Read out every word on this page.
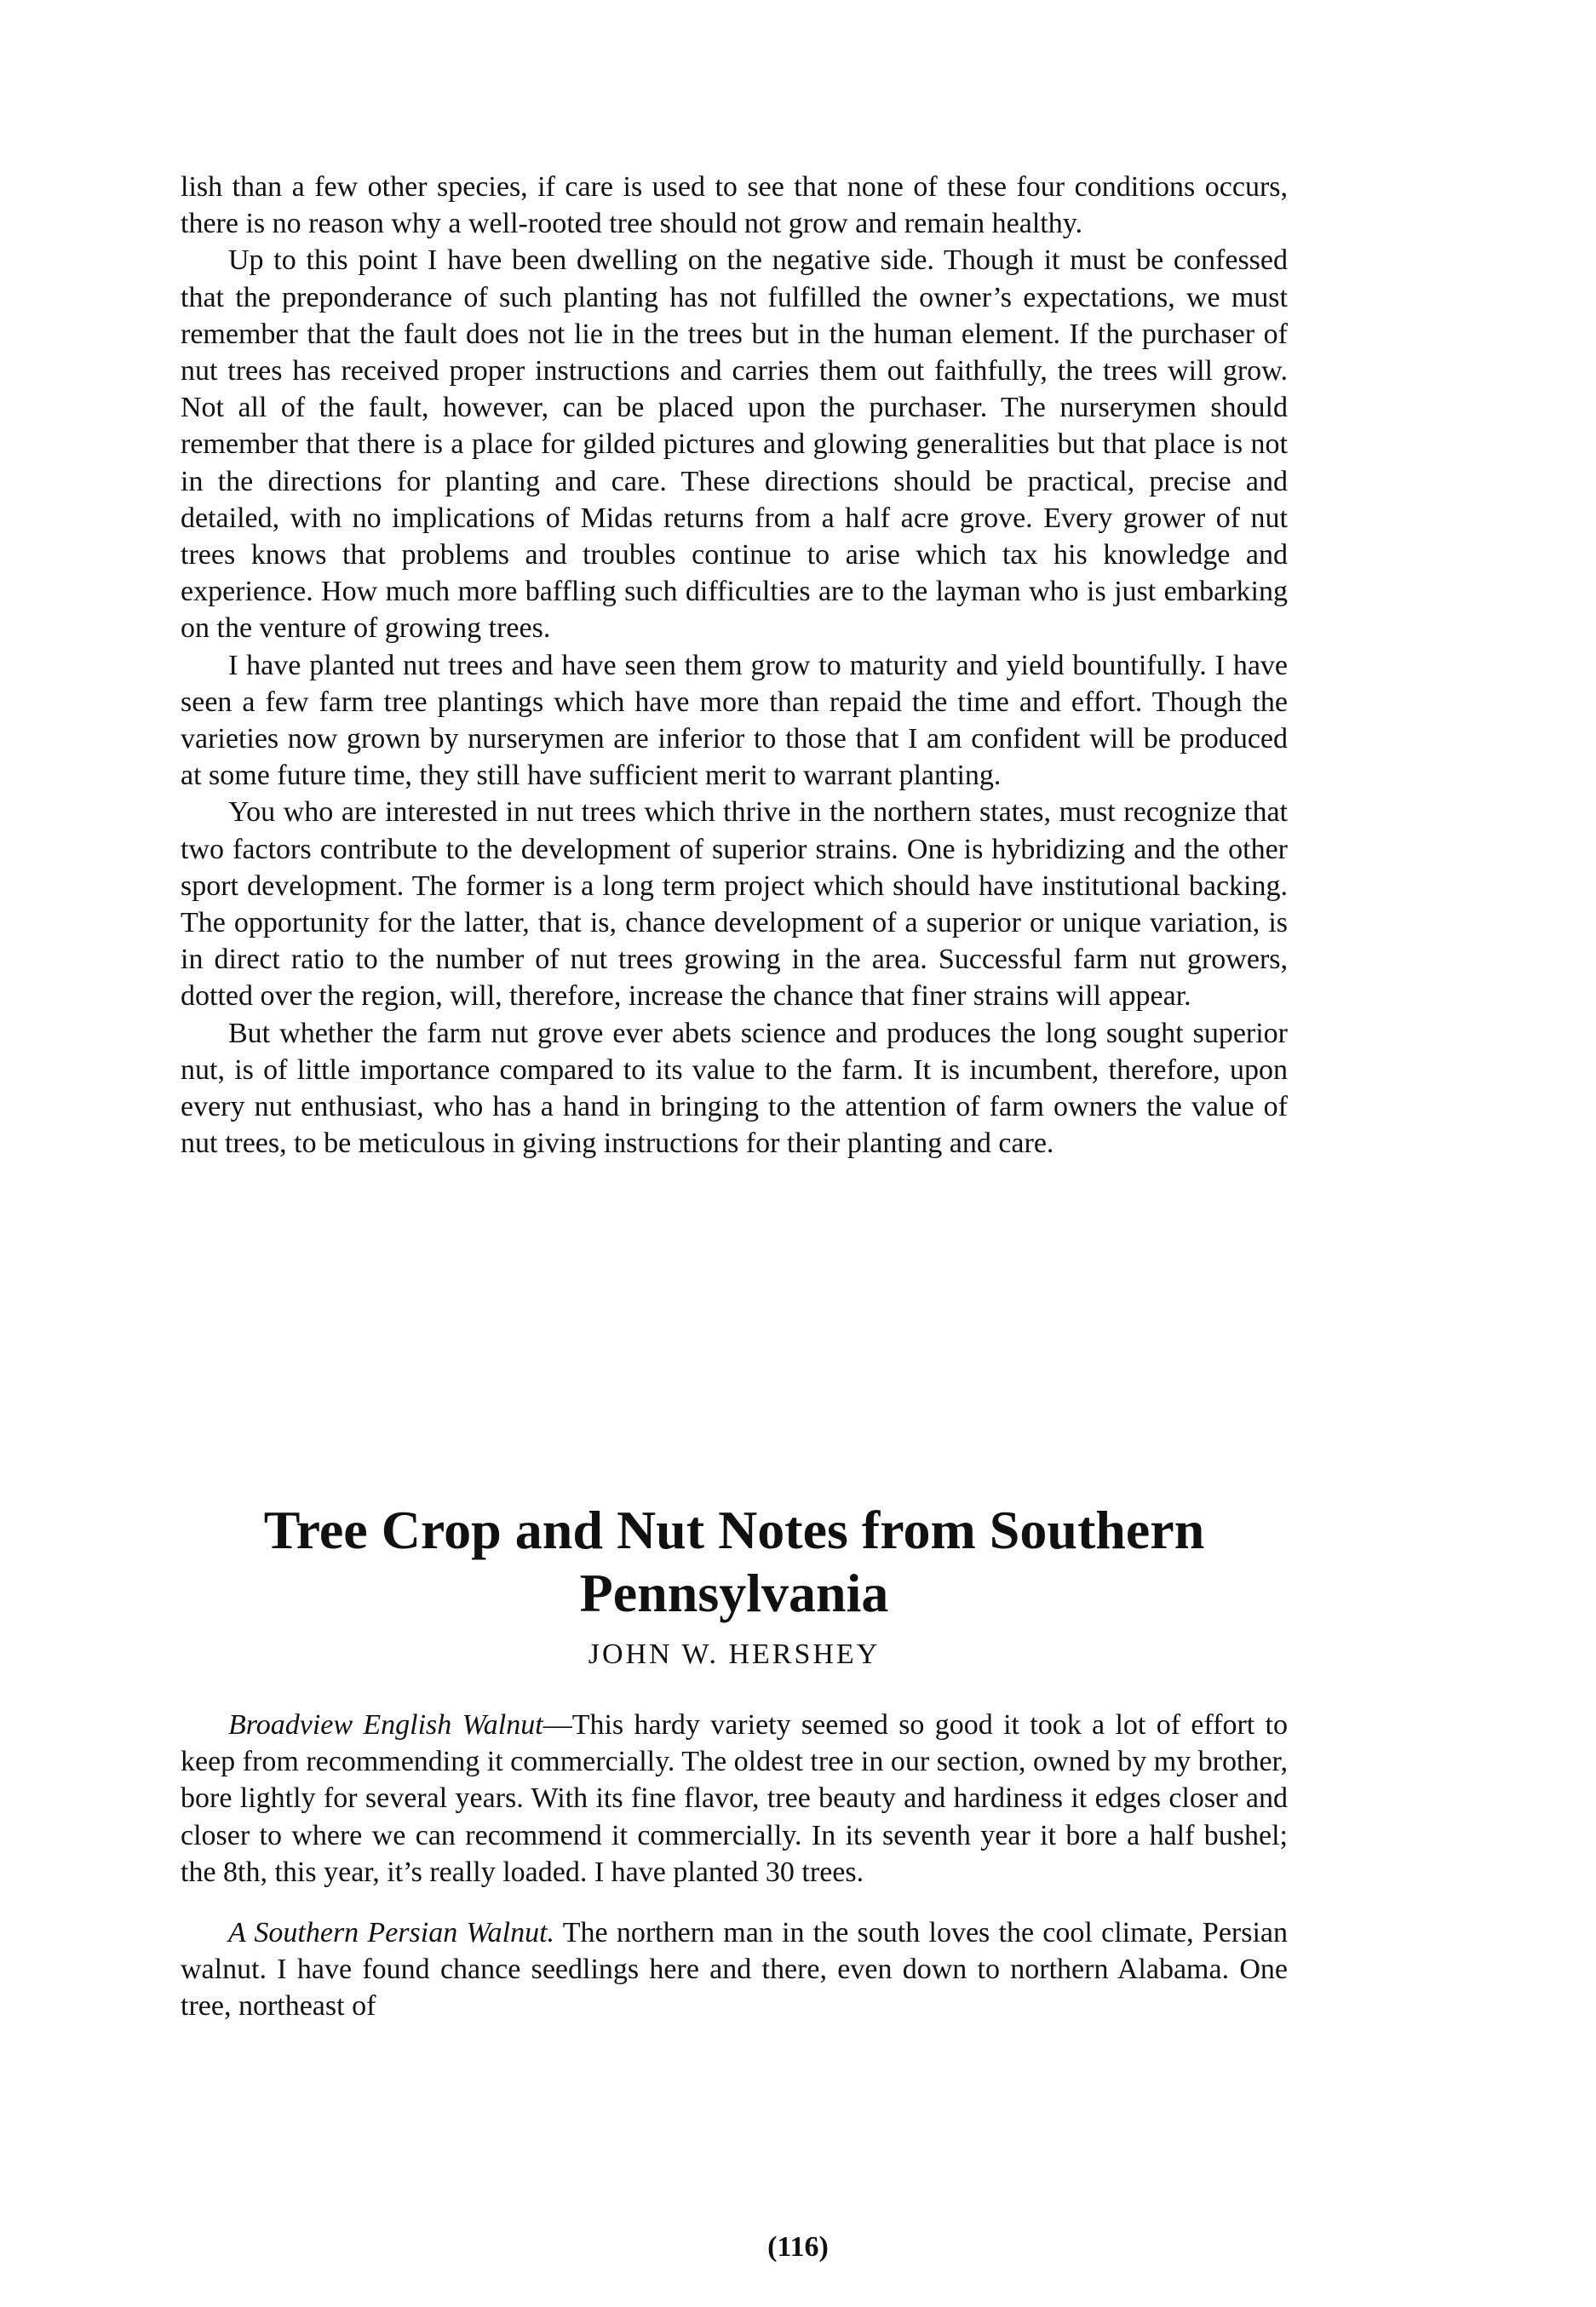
lish than a few other species, if care is used to see that none of these four conditions occurs, there is no reason why a well-rooted tree should not grow and remain healthy.

Up to this point I have been dwelling on the negative side. Though it must be confessed that the preponderance of such planting has not fulfilled the owner’s expectations, we must remember that the fault does not lie in the trees but in the human element. If the purchaser of nut trees has received proper instructions and carries them out faithfully, the trees will grow. Not all of the fault, however, can be placed upon the purchaser. The nurserymen should remember that there is a place for gilded pictures and glowing generalities but that place is not in the directions for planting and care. These directions should be practical, precise and detailed, with no implications of Midas returns from a half acre grove. Every grower of nut trees knows that problems and troubles continue to arise which tax his knowledge and experience. How much more baffling such difficulties are to the layman who is just embarking on the venture of growing trees.

I have planted nut trees and have seen them grow to maturity and yield bountifully. I have seen a few farm tree plantings which have more than repaid the time and effort. Though the varieties now grown by nurserymen are inferior to those that I am confident will be produced at some future time, they still have sufficient merit to warrant planting.

You who are interested in nut trees which thrive in the northern states, must recognize that two factors contribute to the development of superior strains. One is hybridizing and the other sport development. The former is a long term project which should have institutional backing. The opportunity for the latter, that is, chance development of a superior or unique variation, is in direct ratio to the number of nut trees growing in the area. Successful farm nut growers, dotted over the region, will, therefore, increase the chance that finer strains will appear.

But whether the farm nut grove ever abets science and produces the long sought superior nut, is of little importance compared to its value to the farm. It is incumbent, therefore, upon every nut enthusiast, who has a hand in bringing to the attention of farm owners the value of nut trees, to be meticulous in giving instructions for their planting and care.

Tree Crop and Nut Notes from Southern Pennsylvania
JOHN W. HERSHEY

Broadview English Walnut—This hardy variety seemed so good it took a lot of effort to keep from recommending it commercially. The oldest tree in our section, owned by my brother, bore lightly for several years. With its fine flavor, tree beauty and hardiness it edges closer and closer to where we can recommend it commercially. In its seventh year it bore a half bushel; the 8th, this year, it’s really loaded. I have planted 30 trees.

A Southern Persian Walnut. The northern man in the south loves the cool climate, Persian walnut. I have found chance seedlings here and there, even down to northern Alabama. One tree, northeast of

(116)
